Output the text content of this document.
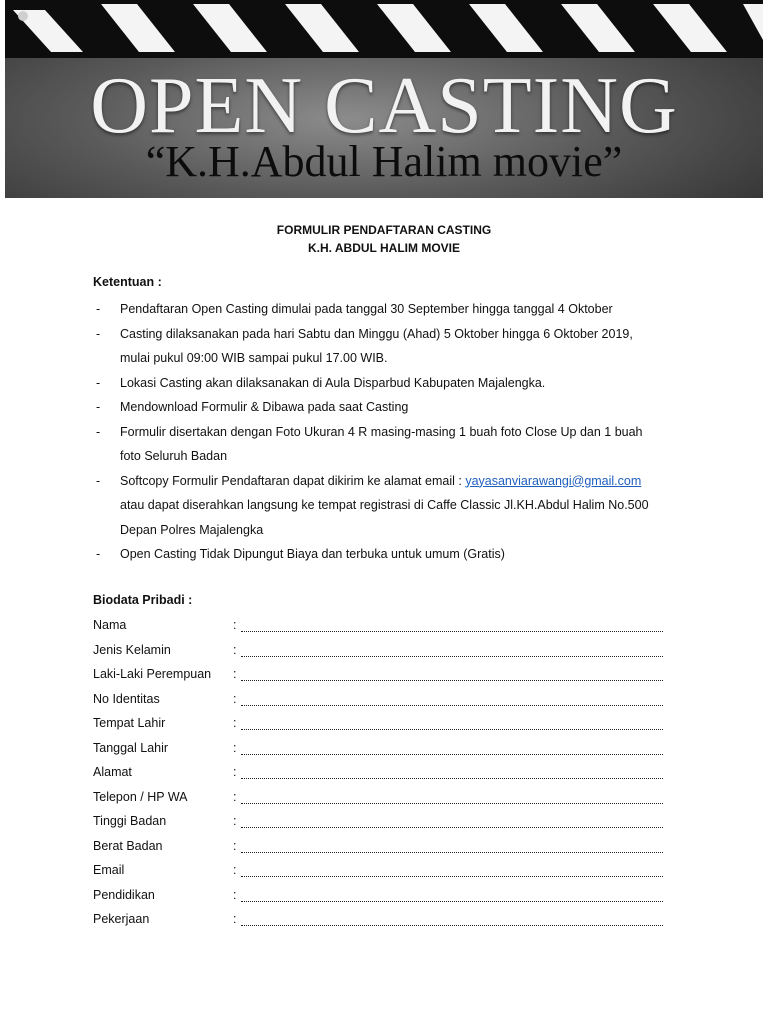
OPEN CASTING
“K.H.Abdul Halim movie”
FORMULIR PENDAFTARAN CASTING
K.H. ABDUL HALIM MOVIE
Ketentuan :
- Pendaftaran Open Casting dimulai pada tanggal 30 September hingga tanggal 4 Oktober
- Casting dilaksanakan pada hari Sabtu dan Minggu (Ahad) 5 Oktober hingga 6 Oktober 2019,
mulai pukul 09:00 WIB sampai pukul 17.00 WIB.
- Lokasi Casting akan dilaksanakan di Aula Disparbud Kabupaten Majalengka.
- Mendownload Formulir & Dibawa pada saat Casting
- Formulir disertakan dengan Foto Ukuran 4 R masing-masing 1 buah foto Close Up dan 1 buah
foto Seluruh Badan
- Softcopy Formulir Pendaftaran dapat dikirim ke alamat email : yayasanviarawangi@gmail.com
atau dapat diserahkan langsung ke tempat registrasi di Caffe Classic Jl.KH.Abdul Halim No.500
Depan Polres Majalengka
- Open Casting Tidak Dipungut Biaya dan terbuka untuk umum (Gratis)
Biodata Pribadi :
Nama	:
Jenis Kelamin	:
Laki-Laki Perempuan	:
No Identitas	:
Tempat Lahir	:
Tanggal Lahir	:
Alamat	:
Telepon / HP WA	:
Tinggi Badan	:
Berat Badan	:
Email	:
Pendidikan	:
Pekerjaan	:
